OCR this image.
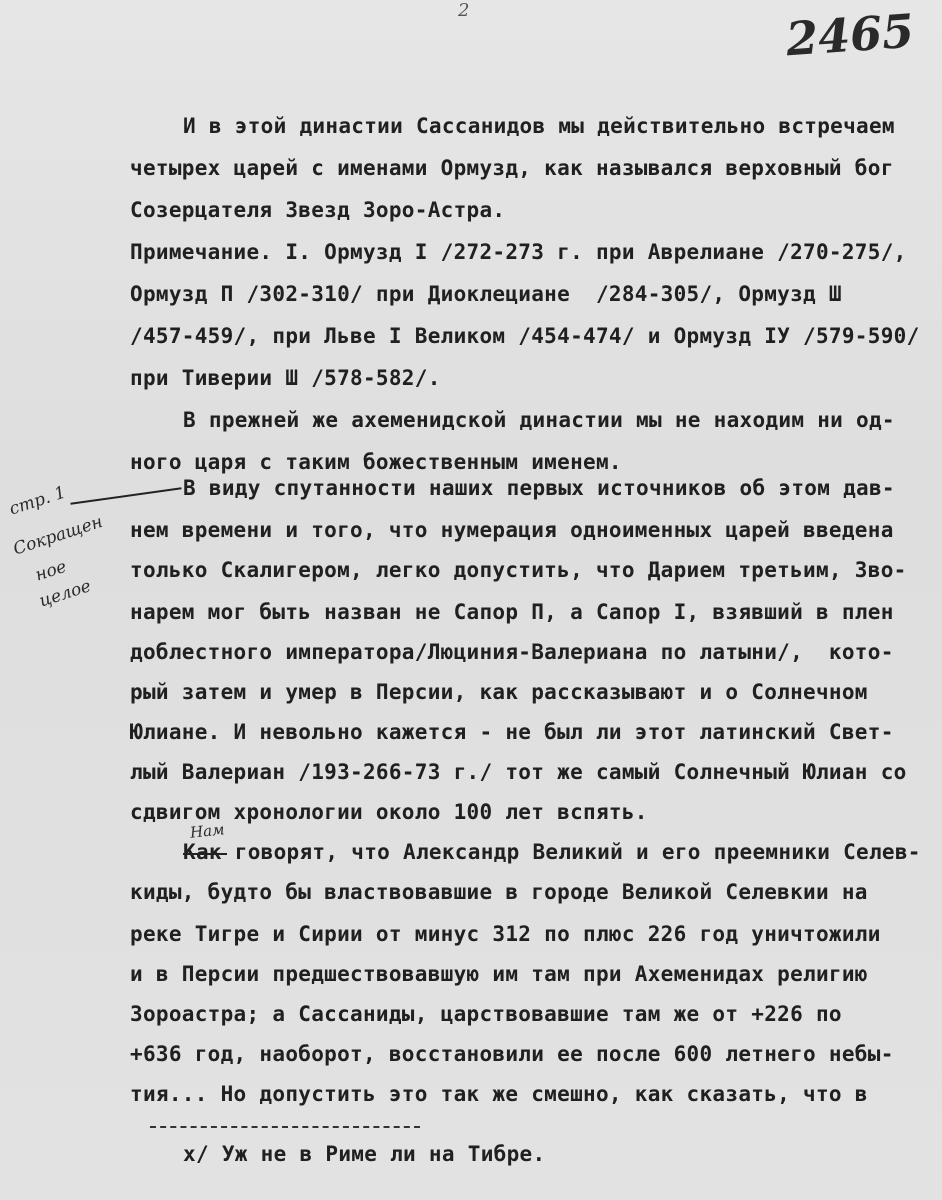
2	2465
И в этой династии Сассанидов мы действительно встречаем
четырех царей с именами Ормузд, как назывался верховный бог
Созерцателя Звезд Зоро-Астра.
Примечание. I. Ормузд I /272-273 г. при Аврелиане /270-275/,
Ормузд П /302-310/ при Диоклециане  /284-305/, Ормузд Ш
/457-459/, при Льве I Великом /454-474/ и Ормузд IУ /579-590/
при Тиверии Ш /578-582/.
В прежней же ахеменидской династии мы не находим ни од-
ного царя с таким божественным именем.
стр. 1
Сокращен
ное
целое
В виду спутанности наших первых источников об этом дав-
нем времени и того, что нумерация одноименных царей введена
только Скалигером, легко допустить, что Дарием третьим, Зво-
нарем мог быть назван не Сапор П, а Сапор I, взявший в плен
доблестного императора/Люциния-Валериана по латыни/,  кото-
рый затем и умер в Персии, как рассказывают и о Солнечном
Юлиане. И невольно кажется - не был ли этот латинский Свет-
лый Валериан /193-266-73 г./ тот же самый Солнечный Юлиан со
сдвигом хронологии около 100 лет вспять.
Нам
Как говорят, что Александр Великий и его преемники Селев-
киды, будто бы властвовавшие в городе Великой Селевкии на
реке Тигре и Сирии от минус 312 по плюс 226 год уничтожили
и в Персии предшествовавшую им там при Ахеменидах религию
Зороастра; а Сассаниды, царствовавшие там же от +226 по
+636 год, наоборот, восстановили ее после 600 летнего небы-
тия... Но допустить это так же смешно, как сказать, что в
х/ Уж не в Риме ли на Тибре.
